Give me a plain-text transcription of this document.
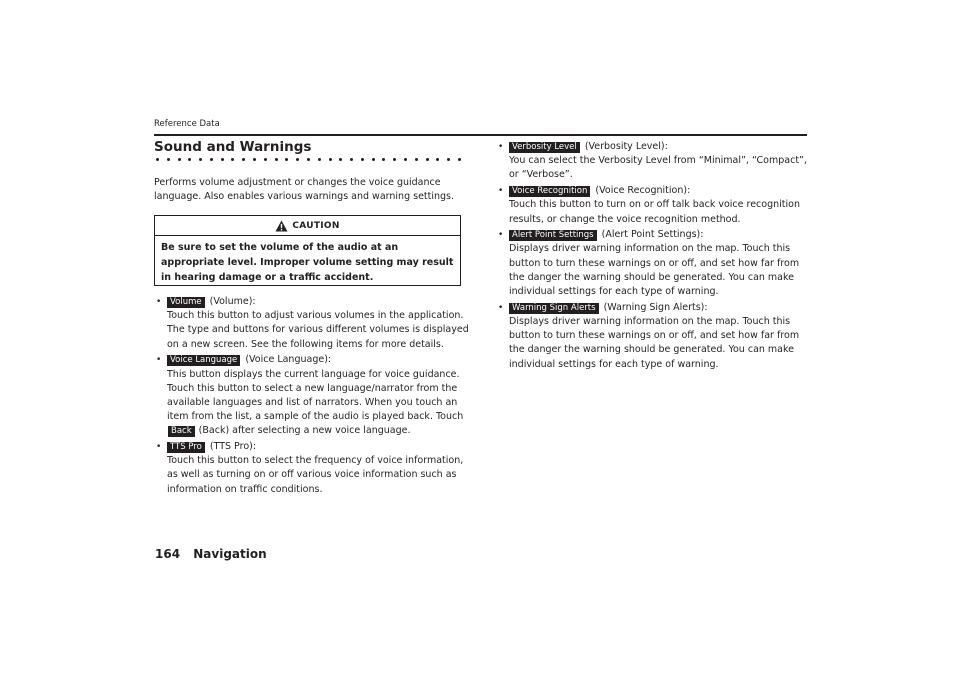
Reference Data
Sound and Warnings

Performs volume adjustment or changes the voice guidance language. Also enables various warnings and warning settings.

CAUTION

Be sure to set the volume of the audio at an appropriate level. Improper volume setting may result in hearing damage or a traffic accident.

• Volume (Volume):
Touch this button to adjust various volumes in the application. The type and buttons for various different volumes is displayed on a new screen. See the following items for more details.
• Voice Language (Voice Language):
This button displays the current language for voice guidance. Touch this button to select a new language/narrator from the available languages and list of narrators. When you touch an item from the list, a sample of the audio is played back. Touch Back (Back) after selecting a new voice language.
• TTS Pro (TTS Pro):
Touch this button to select the frequency of voice information, as well as turning on or off various voice information such as information on traffic conditions.
• Verbosity Level (Verbosity Level):
You can select the Verbosity Level from “Minimal”, “Compact”, or “Verbose”.
• Voice Recognition (Voice Recognition):
Touch this button to turn on or off talk back voice recognition results, or change the voice recognition method.
• Alert Point Settings (Alert Point Settings):
Displays driver warning information on the map. Touch this button to turn these warnings on or off, and set how far from the danger the warning should be generated. You can make individual settings for each type of warning.
• Warning Sign Alerts (Warning Sign Alerts):
Displays driver warning information on the map. Touch this button to turn these warnings on or off, and set how far from the danger the warning should be generated. You can make individual settings for each type of warning.
164 Navigation
